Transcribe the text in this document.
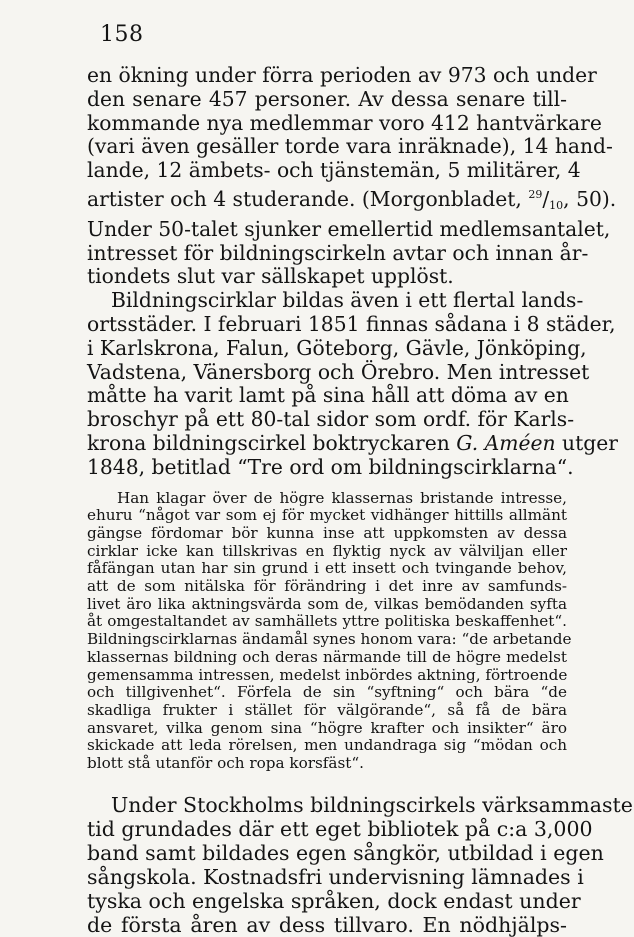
158

en ökning under förra perioden av 973 och under

den senare 457 personer. Av dessa senare till-

kommande nya medlemmar voro 412 hantvärkare

(vari även gesäller torde vara inräknade), 14 hand-

lande, 12 ämbets- och tjänstemän, 5 militärer, 4

artister och 4 studerande. (Morgonbladet, $^{29}/_{10}$, 50).

Under 50-talet sjunker emellertid medlemsantalet,

intresset för bildningscirkeln avtar och innan år-

tiondets slut var sällskapet upplöst.

Bildningscirklar bildas även i ett flertal lands-

ortsstäder. I februari 1851 finnas sådana i 8 städer,

i Karlskrona, Falun, Göteborg, Gävle, Jönköping,

Vadstena, Vänersborg och Örebro. Men intresset

måtte ha varit lamt på sina håll att döma av en

broschyr på ett 80-tal sidor som ordf. för Karls-

krona bildningscirkel boktryckaren G. Améen utger

1848, betitlad “Tre ord om bildningscirklarna“.

Han klagar över de högre klassernas bristande intresse,

ehuru “något var som ej för mycket vidhänger hittills allmänt

gängse fördomar bör kunna inse att uppkomsten av dessa

cirklar icke kan tillskrivas en flyktig nyck av välviljan eller

fåfängan utan har sin grund i ett insett och tvingande behov,

att de som nitälska för förändring i det inre av samfunds-

livet äro lika aktningsvärda som de, vilkas bemödanden syfta

åt omgestaltandet av samhällets yttre politiska beskaffenhet“.

Bildningscirklarnas ändamål synes honom vara: “de arbetande

klassernas bildning och deras närmande till de högre medelst

gemensamma intressen, medelst inbördes aktning, förtroende

och tillgivenhet“. Förfela de sin “syftning“ och bära “de

skadliga frukter i stället för välgörande“, så få de bära

ansvaret, vilka genom sina “högre krafter och insikter“ äro

skickade att leda rörelsen, men undandraga sig “mödan och

blott stå utanför och ropa korsfäst“.

Under Stockholms bildningscirkels värksammaste

tid grundades där ett eget bibliotek på c:a 3,000

band samt bildades egen sångkör, utbildad i egen

sångskola. Kostnadsfri undervisning lämnades i

tyska och engelska språken, dock endast under

de första åren av dess tillvaro. En nödhjälps-
